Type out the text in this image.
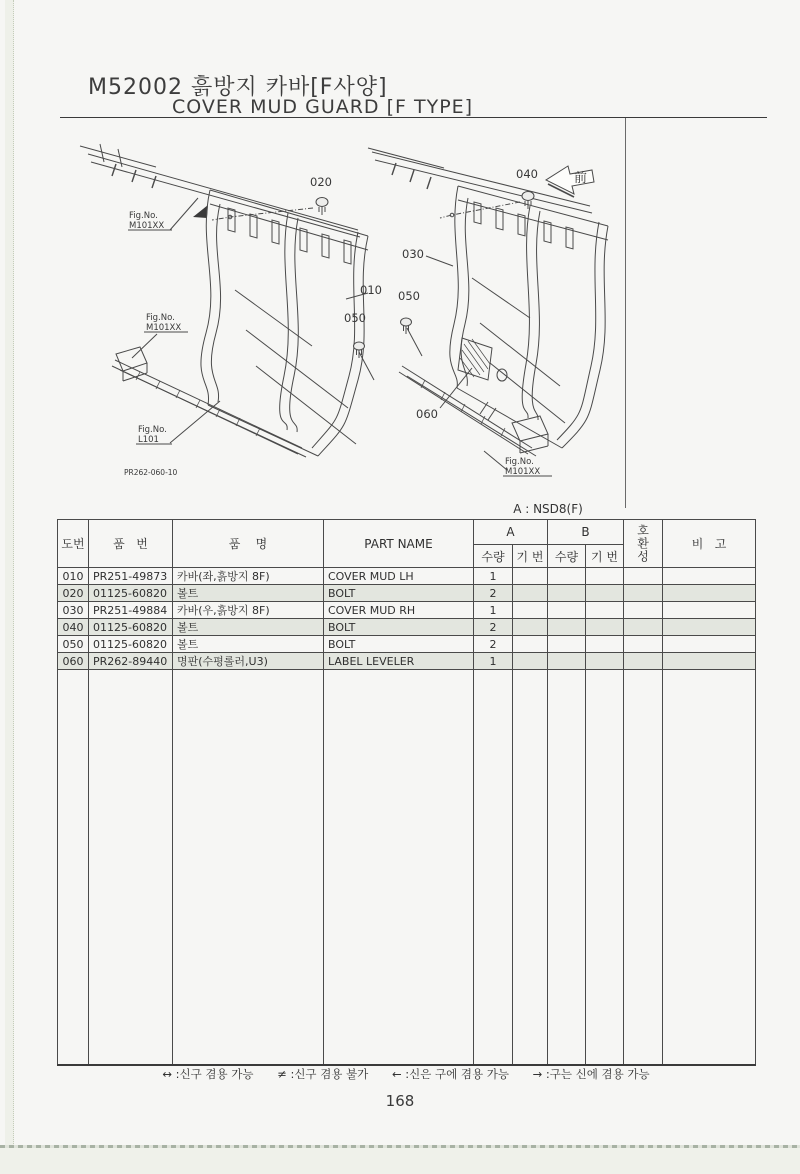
M52002 흙방지 카바[F사양]
COVER MUD GUARD [F TYPE]
020
010
050
040
030
050
060
前
Fig.No.
M101XX
Fig.No.
M101XX
Fig.No.
L101
Fig.No.
M101XX
PR262-060-10
A : NSD8(F)
도번	품   번	품    명	PART NAME	A		B		호환성	비   고
				수량	기 번	수량	기 번		
010	PR251-49873	카바(좌,흙방지 8F)	COVER MUD LH	1					
020	01125-60820	볼트	BOLT	2					
030	PR251-49884	카바(우,흙방지 8F)	COVER MUD RH	1					
040	01125-60820	볼트	BOLT	2					
050	01125-60820	볼트	BOLT	2					
060	PR262-89440	명판(수평롤러,U3)	LABEL LEVELER	1					

↔ :신구 겸용 가능 ≠ :신구 겸용 불가 ← :신은 구에 겸용 가능 → :구는 신에 겸용 가능
168
